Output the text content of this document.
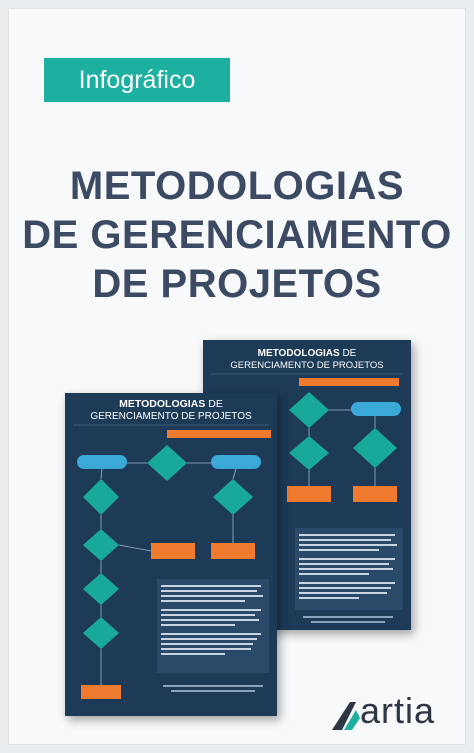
Infográfico
METODOLOGIAS
DE GERENCIAMENTO
DE PROJETOS
METODOLOGIAS DE
GERENCIAMENTO DE PROJETOS
METODOLOGIAS DE
GERENCIAMENTO DE PROJETOS
artia
